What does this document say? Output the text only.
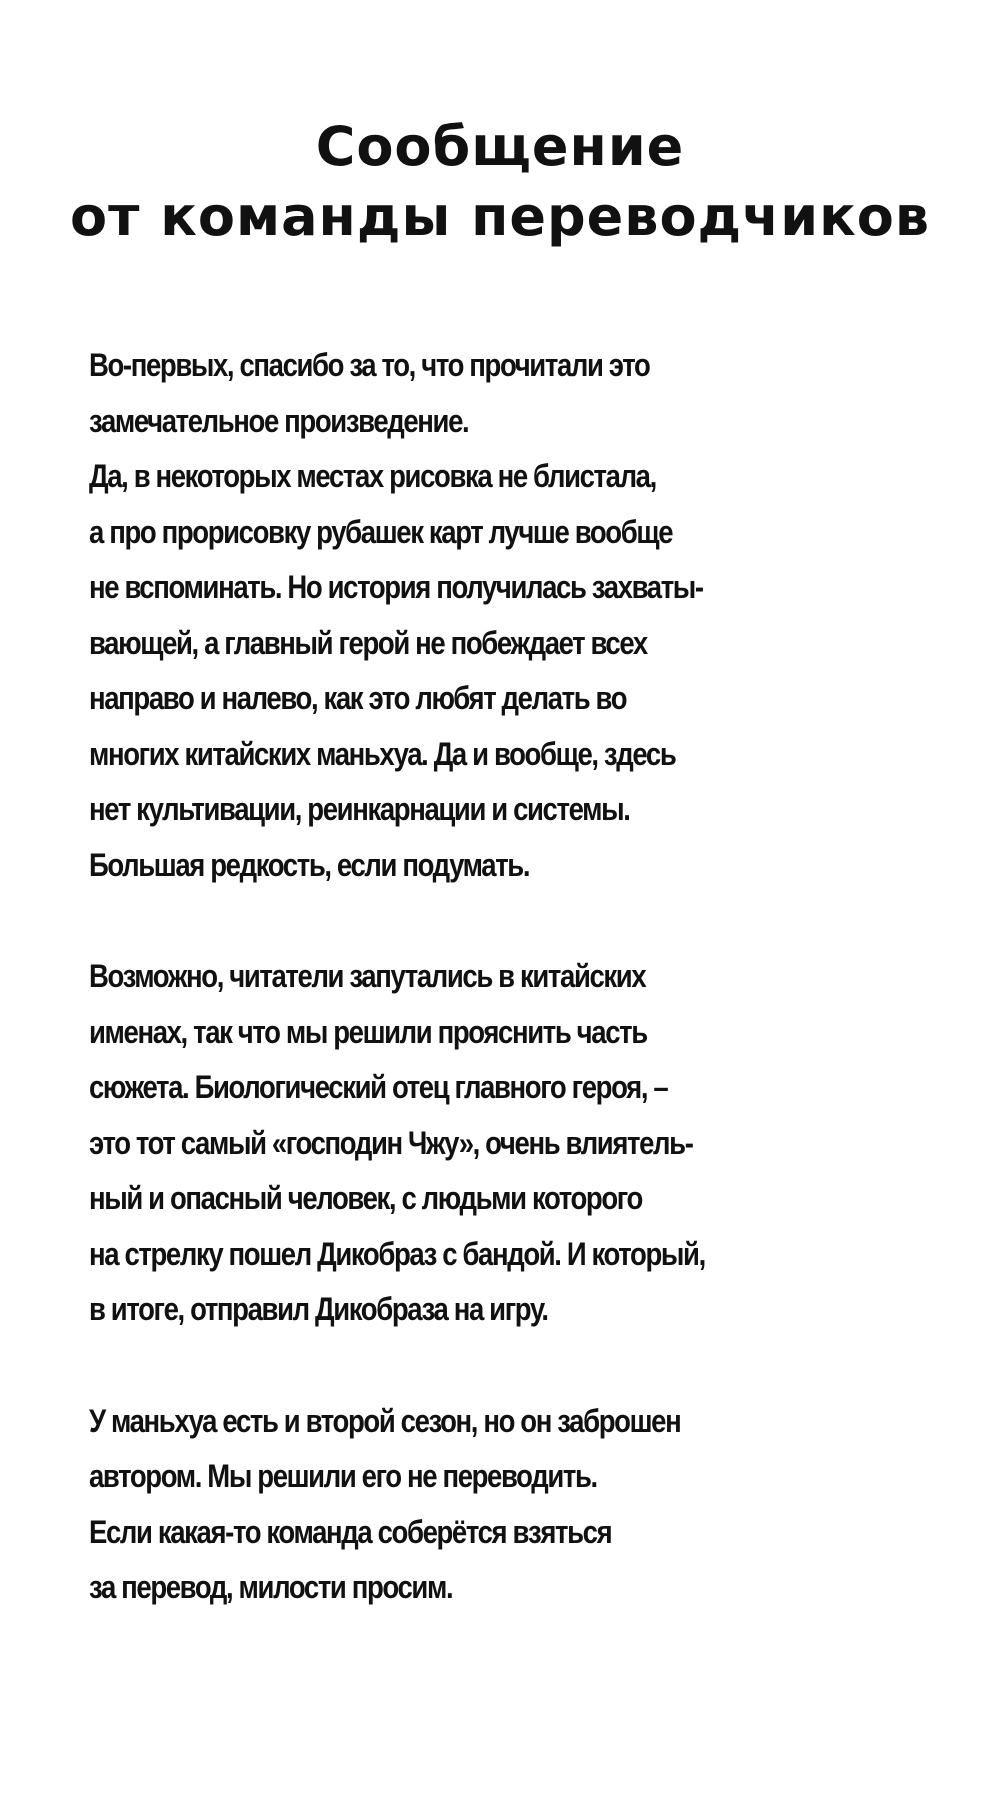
Сообщение
от команды переводчиков
Во-первых, спасибо за то, что прочитали это
замечательное произведение.
Да, в некоторых местах рисовка не блистала,
а про прорисовку рубашек карт лучше вообще
не вспоминать. Но история получилась захваты-
вающей, а главный герой не побеждает всех
направо и налево, как это любят делать во
многих китайских маньхуа. Да и вообще, здесь
нет культивации, реинкарнации и системы.
Большая редкость, если подумать.
Возможно, читатели запутались в китайских
именах, так что мы решили прояснить часть
сюжета. Биологический отец главного героя, –
это тот самый «господин Чжу», очень влиятель-
ный и опасный человек, с людьми которого
на стрелку пошел Дикобраз с бандой. И который,
в итоге, отправил Дикобраза на игру.
У маньхуа есть и второй сезон, но он заброшен
автором. Мы решили его не переводить.
Если какая-то команда соберётся взяться
за перевод, милости просим.
